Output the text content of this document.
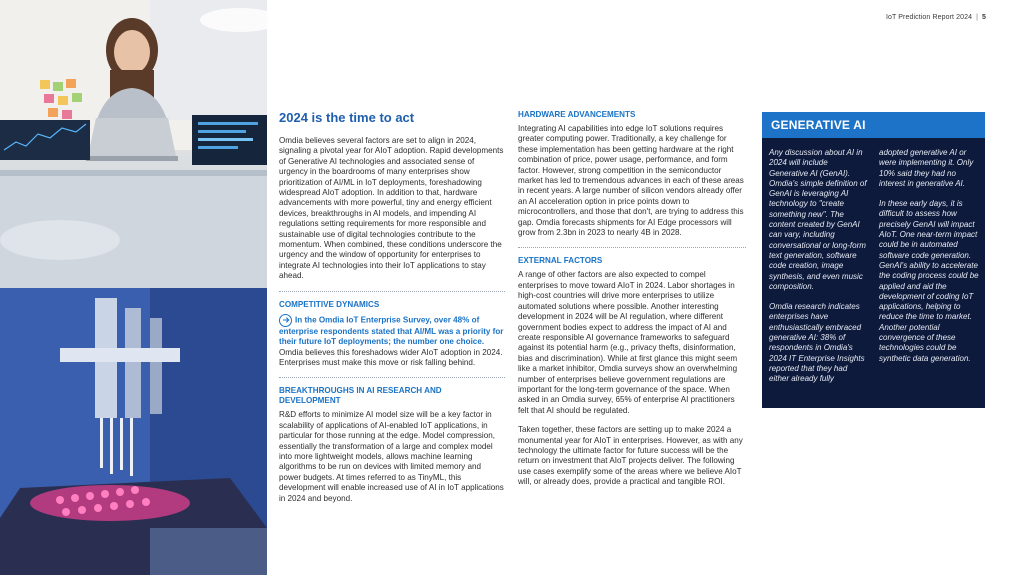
IoT Prediction Report 2024 | 5
2024 is the time to act

Omdia believes several factors are set to align in 2024, signaling a pivotal year for AIoT adoption. Rapid developments of Generative AI technologies and associated sense of urgency in the boardrooms of many enterprises show prioritization of AI/ML in IoT deployments, foreshadowing widespread AIoT adoption. In addition to that, hardware advancements with more powerful, tiny and energy efficient devices, breakthroughs in AI models, and impending AI regulations setting requirements for more responsible and sustainable use of digital technologies contribute to the momentum. When combined, these conditions underscore the urgency and the window of opportunity for enterprises to integrate AI technologies into their IoT applications to stay ahead.

COMPETITIVE DYNAMICS

In the Omdia IoT Enterprise Survey, over 48% of enterprise respondents stated that AI/ML was a priority for their future IoT deployments; the number one choice. Omdia believes this foreshadows wider AIoT adoption in 2024. Enterprises must make this move or risk falling behind.

BREAKTHROUGHS IN AI RESEARCH AND DEVELOPMENT

R&D efforts to minimize AI model size will be a key factor in scalability of applications of AI-enabled IoT applications, in particular for those running at the edge. Model compression, essentially the transformation of a large and complex model into more lightweight models, allows machine learning algorithms to be run on devices with limited memory and power budgets. At times referred to as TinyML, this development will enable increased use of AI in IoT applications in 2024 and beyond.

HARDWARE ADVANCEMENTS

Integrating AI capabilities into edge IoT solutions requires greater computing power. Traditionally, a key challenge for these implementation has been getting hardware at the right combination of price, power usage, performance, and form factor. However, strong competition in the semiconductor market has led to tremendous advances in each of these areas in recent years. A large number of silicon vendors already offer an AI acceleration option in price points down to microcontrollers, and those that don't, are trying to address this gap. Omdia forecasts shipments for AI Edge processors will grow from 2.3bn in 2023 to nearly 4B in 2028.

EXTERNAL FACTORS

A range of other factors are also expected to compel enterprises to move toward AIoT in 2024. Labor shortages in high-cost countries will drive more enterprises to utilize automated solutions where possible. Another interesting development in 2024 will be AI regulation, where different government bodies expect to address the impact of AI and create responsible AI governance frameworks to safeguard against its potential harm (e.g., privacy thefts, disinformation, bias and discrimination). While at first glance this might seem like a market inhibitor, Omdia surveys show an overwhelming number of enterprises believe government regulations are important for the long-term governance of the space. When asked in an Omdia survey, 65% of enterprise AI practitioners felt that AI should be regulated.

Taken together, these factors are setting up to make 2024 a monumental year for AIoT in enterprises. However, as with any technology the ultimate factor for future success will be the return on investment that AIoT projects deliver. The following use cases exemplify some of the areas where we believe AIoT will, or already does, provide a practical and tangible ROI.

GENERATIVE AI

Any discussion about AI in 2024 will include Generative AI (GenAI). Omdia's simple definition of GenAI is leveraging AI technology to "create something new". The content created by GenAI can vary, including conversational or long-form text generation, software code creation, image synthesis, and even music composition.

Omdia research indicates enterprises have enthusiastically embraced generative AI: 38% of respondents in Omdia's 2024 IT Enterprise Insights reported that they had either already fully

adopted generative AI or were implementing it. Only 10% said they had no interest in generative AI.

In these early days, it is difficult to assess how precisely GenAI will impact AIoT. One near-term impact could be in automated software code generation. GenAI's ability to accelerate the coding process could be applied and aid the development of coding IoT applications, helping to reduce the time to market. Another potential convergence of these technologies could be synthetic data generation.
